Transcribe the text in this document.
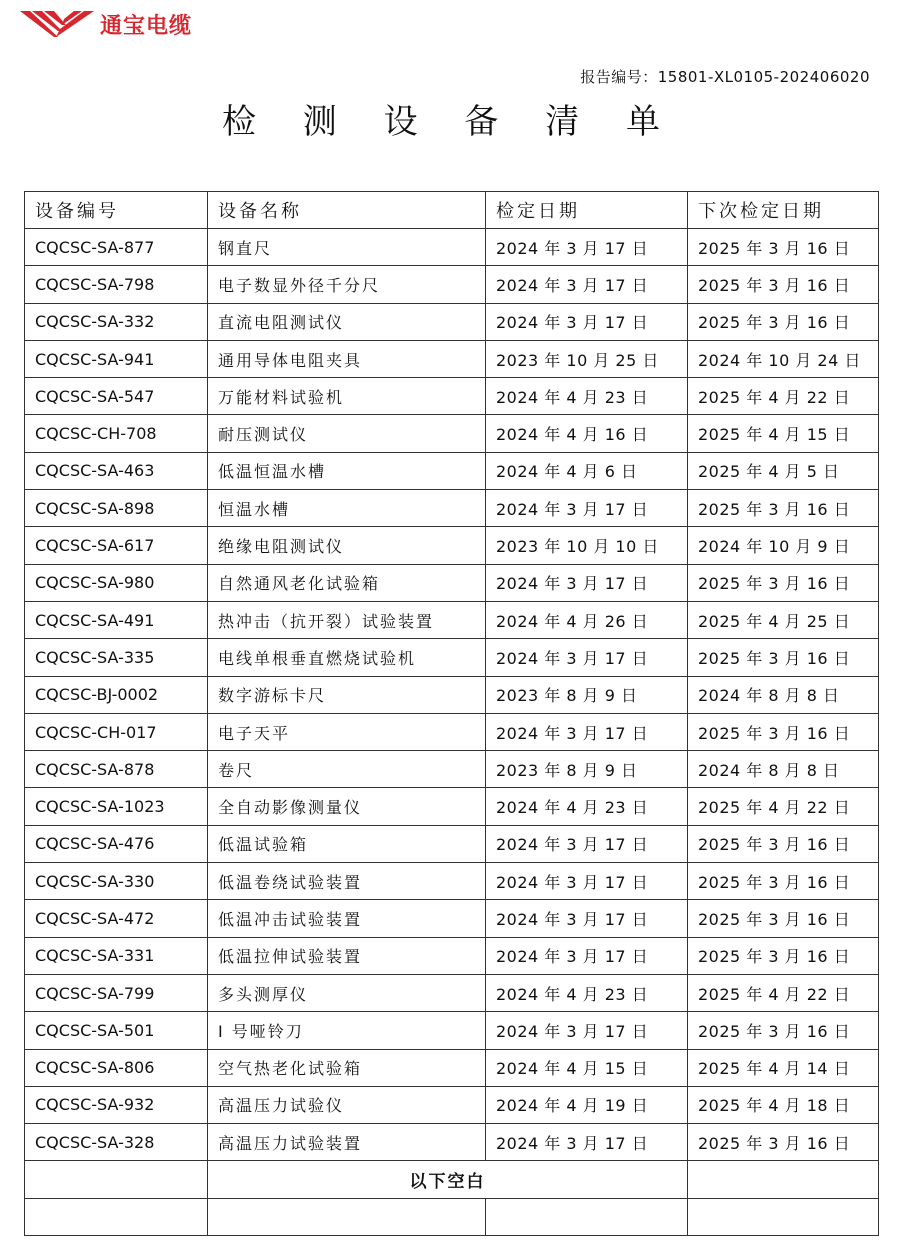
通宝电缆
报告编号：15801-XL0105-202406020
检 测 设 备 清 单
设备编号	设备名称	检定日期	下次检定日期
CQCSC-SA-877	钢直尺	2024 年 3 月 17 日	2025 年 3 月 16 日
CQCSC-SA-798	电子数显外径千分尺	2024 年 3 月 17 日	2025 年 3 月 16 日
CQCSC-SA-332	直流电阻测试仪	2024 年 3 月 17 日	2025 年 3 月 16 日
CQCSC-SA-941	通用导体电阻夹具	2023 年 10 月 25 日	2024 年 10 月 24 日
CQCSC-SA-547	万能材料试验机	2024 年 4 月 23 日	2025 年 4 月 22 日
CQCSC-CH-708	耐压测试仪	2024 年 4 月 16 日	2025 年 4 月 15 日
CQCSC-SA-463	低温恒温水槽	2024 年 4 月 6 日	2025 年 4 月 5 日
CQCSC-SA-898	恒温水槽	2024 年 3 月 17 日	2025 年 3 月 16 日
CQCSC-SA-617	绝缘电阻测试仪	2023 年 10 月 10 日	2024 年 10 月 9 日
CQCSC-SA-980	自然通风老化试验箱	2024 年 3 月 17 日	2025 年 3 月 16 日
CQCSC-SA-491	热冲击（抗开裂）试验装置	2024 年 4 月 26 日	2025 年 4 月 25 日
CQCSC-SA-335	电线单根垂直燃烧试验机	2024 年 3 月 17 日	2025 年 3 月 16 日
CQCSC-BJ-0002	数字游标卡尺	2023 年 8 月 9 日	2024 年 8 月 8 日
CQCSC-CH-017	电子天平	2024 年 3 月 17 日	2025 年 3 月 16 日
CQCSC-SA-878	卷尺	2023 年 8 月 9 日	2024 年 8 月 8 日
CQCSC-SA-1023	全自动影像测量仪	2024 年 4 月 23 日	2025 年 4 月 22 日
CQCSC-SA-476	低温试验箱	2024 年 3 月 17 日	2025 年 3 月 16 日
CQCSC-SA-330	低温卷绕试验装置	2024 年 3 月 17 日	2025 年 3 月 16 日
CQCSC-SA-472	低温冲击试验装置	2024 年 3 月 17 日	2025 年 3 月 16 日
CQCSC-SA-331	低温拉伸试验装置	2024 年 3 月 17 日	2025 年 3 月 16 日
CQCSC-SA-799	多头测厚仪	2024 年 4 月 23 日	2025 年 4 月 22 日
CQCSC-SA-501	I 号哑铃刀	2024 年 3 月 17 日	2025 年 3 月 16 日
CQCSC-SA-806	空气热老化试验箱	2024 年 4 月 15 日	2025 年 4 月 14 日
CQCSC-SA-932	高温压力试验仪	2024 年 4 月 19 日	2025 年 4 月 18 日
CQCSC-SA-328	高温压力试验装置	2024 年 3 月 17 日	2025 年 3 月 16 日
	以下空白		
